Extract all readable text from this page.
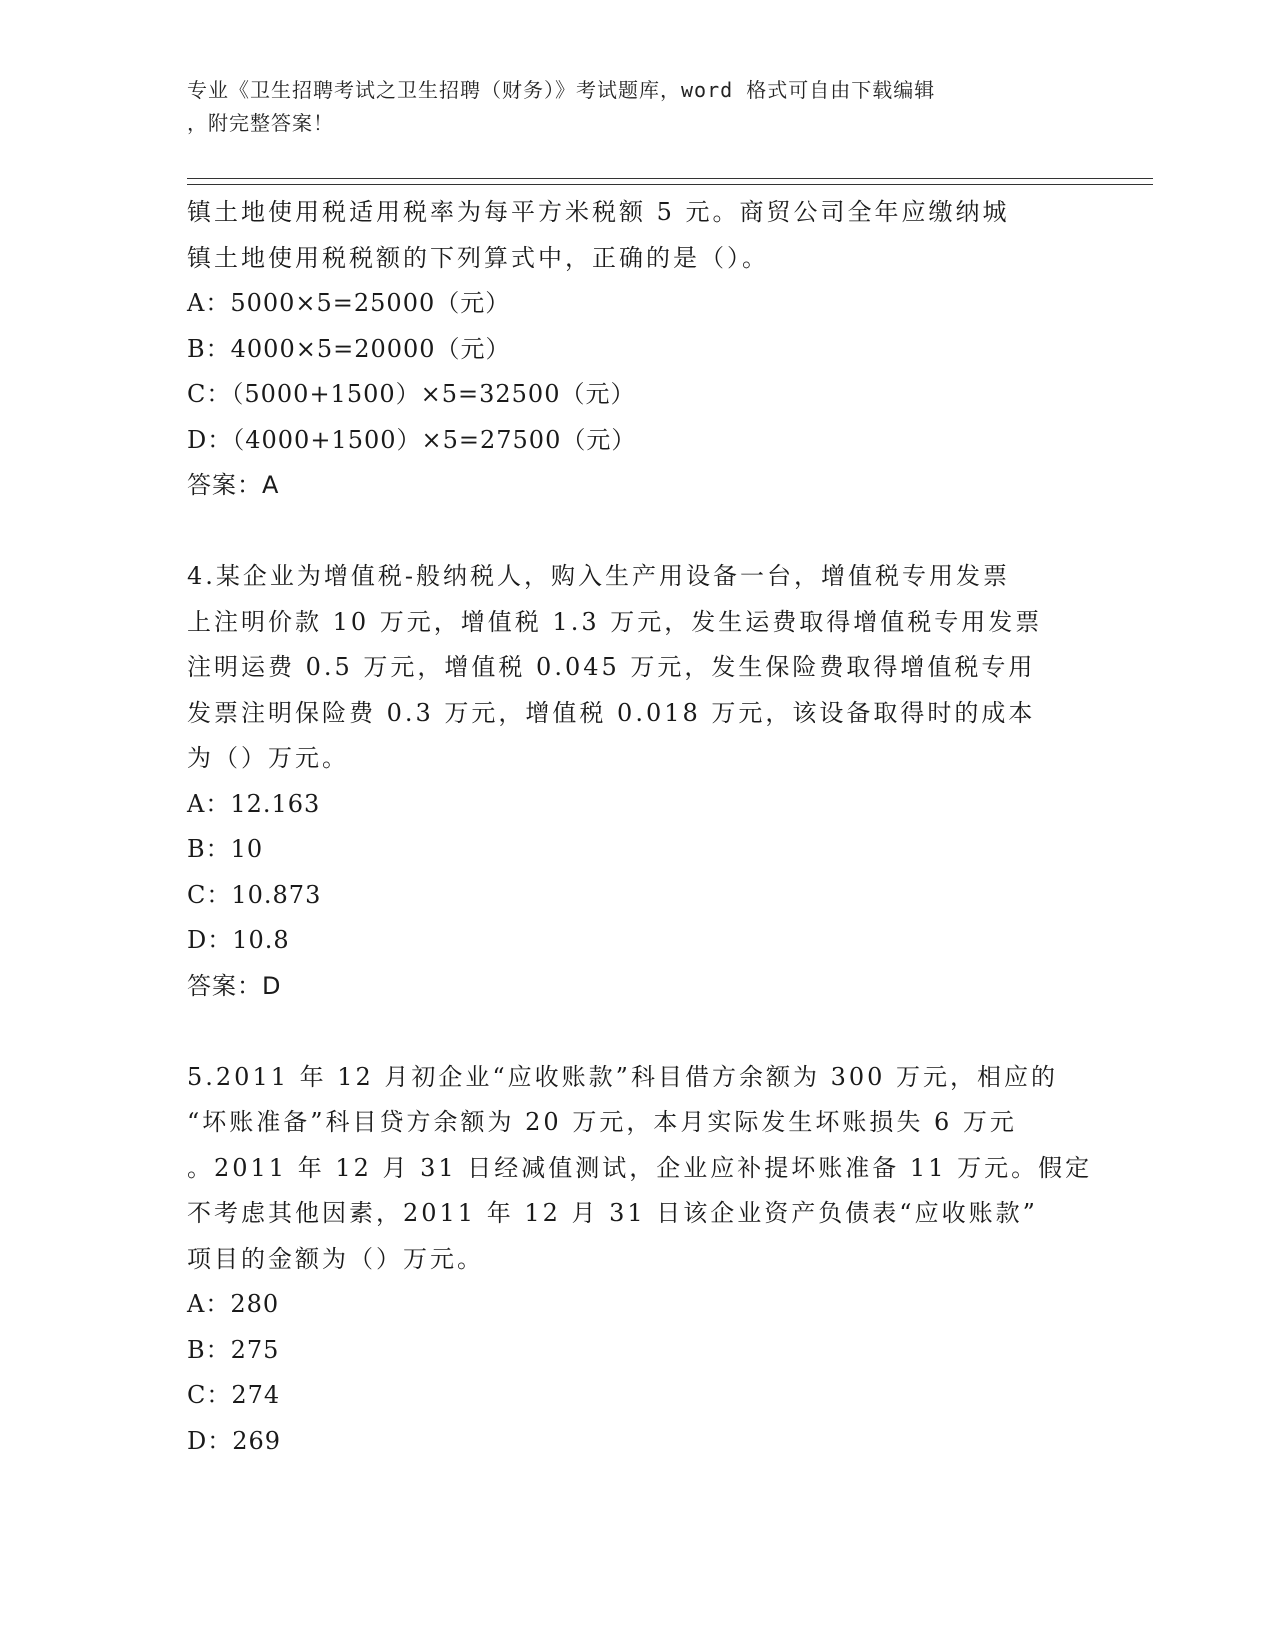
专业《卫生招聘考试之卫生招聘（财务）》考试题库，word 格式可自由下载编辑
，附完整答案！
镇土地使用税适用税率为每平方米税额 5 元。商贸公司全年应缴纳城
镇土地使用税税额的下列算式中，正确的是（）。
A：5000×5=25000（元）
B：4000×5=20000（元）
C：（5000+1500）×5=32500（元）
D：（4000+1500）×5=27500（元）
答案：A
4.某企业为增值税-般纳税人，购入生产用设备一台，增值税专用发票
上注明价款 10 万元，增值税 1.3 万元，发生运费取得增值税专用发票
注明运费 0.5 万元，增值税 0.045 万元，发生保险费取得增值税专用
发票注明保险费 0.3 万元，增值税 0.018 万元，该设备取得时的成本
为（）万元。
A：12.163
B：10
C：10.873
D：10.8
答案：D
5.2011 年 12 月初企业“应收账款”科目借方余额为 300 万元，相应的
“坏账准备”科目贷方余额为 20 万元，本月实际发生坏账损失 6 万元
。2011 年 12 月 31 日经减值测试，企业应补提坏账准备 11 万元。假定
不考虑其他因素，2011 年 12 月 31 日该企业资产负债表“应收账款”
项目的金额为（）万元。
A：280
B：275
C：274
D：269
